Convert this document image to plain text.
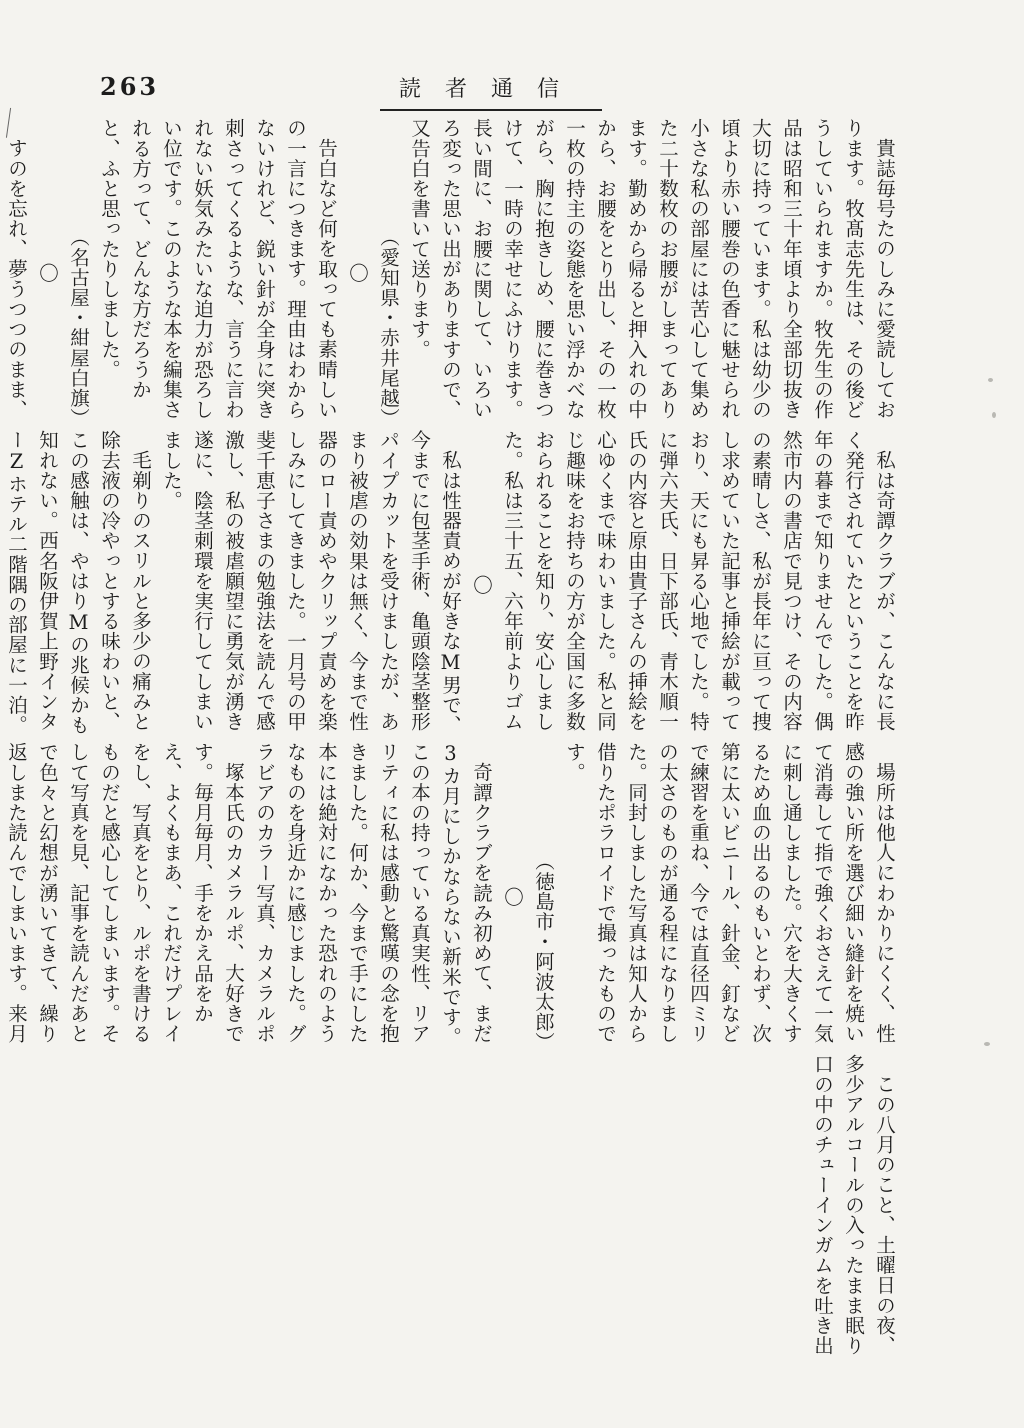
263	読者通信

貴誌毎号たのしみに愛読しております。牧髙志先生は、その後どうしていられますか。牧先生の作品は昭和三十年頃より全部切抜き大切に持っています。私は幼少の頃より赤い腰巻の色香に魅せられ小さな私の部屋には苦心して集めた二十数枚のお腰がしまってあります。勤めから帰ると押入れの中から、お腰をとり出し、その一枚一枚の持主の姿態を思い浮かべながら、胸に抱きしめ、腰に巻きつけて、一時の幸せにふけります。長い間に、お腰に関して、いろいろ変った思い出がありますので、又告白を書いて送ります。

（愛知県・赤井尾越）

〇

告白など何を取っても素晴しいの一言につきます。理由はわからないけれど、鋭い針が全身に突き刺さってくるような、言うに言われない妖気みたいな迫力が恐ろしい位です。このような本を編集される方って、どんな方だろうかと、ふと思ったりしました。

（名古屋・紺屋白旗）

〇

すのを忘れ、夢うつつのまま、

私は奇譚クラブが、こんなに長く発行されていたということを昨年の暮まで知りませんでした。偶然市内の書店で見つけ、その内容の素晴しさ、私が長年に亘って捜し求めていた記事と挿絵が載っており、天にも昇る心地でした。特に弾六夫氏、日下部氏、青木順一氏の内容と原由貴子さんの挿絵を心ゆくまで味わいました。私と同じ趣味をお持ちの方が全国に多数おられることを知り、安心しました。私は三十五、六年前よりゴム

〇

私は性器責めが好きなM男で、今までに包茎手術、亀頭陰茎整形パイプカットを受けましたが、あまり被虐の効果は無く、今まで性器のロー責めやクリップ責めを楽しみにしてきました。一月号の甲斐千恵子さまの勉強法を読んで感激し、私の被虐願望に勇気が湧き遂に、陰茎刺環を実行してしまいました。

毛剃りのスリルと多少の痛みと除去液の冷やっとする味わいと、この感触は、やはりMの兆候かも知れない。西名阪伊賀上野インターZホテル二階隅の部屋に一泊。

場所は他人にわかりにくく、性感の強い所を選び細い縫針を焼いて消毒して指で強くおさえて一気に刺し通しました。穴を大きくするため血の出るのもいとわず、次第に太いビニール、針金、釘などで練習を重ね、今では直径四ミリの太さのものが通る程になりました。同封しました写真は知人から借りたポラロイドで撮ったものです。

（徳島市・阿波太郎）

〇

奇譚クラブを読み初めて、まだ3カ月にしかならない新米です。この本の持っている真実性、リアリティに私は感動と驚嘆の念を抱きました。何か、今まで手にした本には絶対になかった恐れのようなものを身近かに感じました。グラビアのカラー写真、カメラルポ

塚本氏のカメラルポ、大好きです。毎月毎月、手をかえ品をかえ、よくもまあ、これだけプレイをし、写真をとり、ルポを書けるものだと感心してしまいます。そして写真を見、記事を読んだあとで色々と幻想が湧いてきて、繰り返しまた読んでしまいます。来月

この八月のこと、土曜日の夜、多少アルコールの入ったまま眠り口の中のチューインガムを吐き出
